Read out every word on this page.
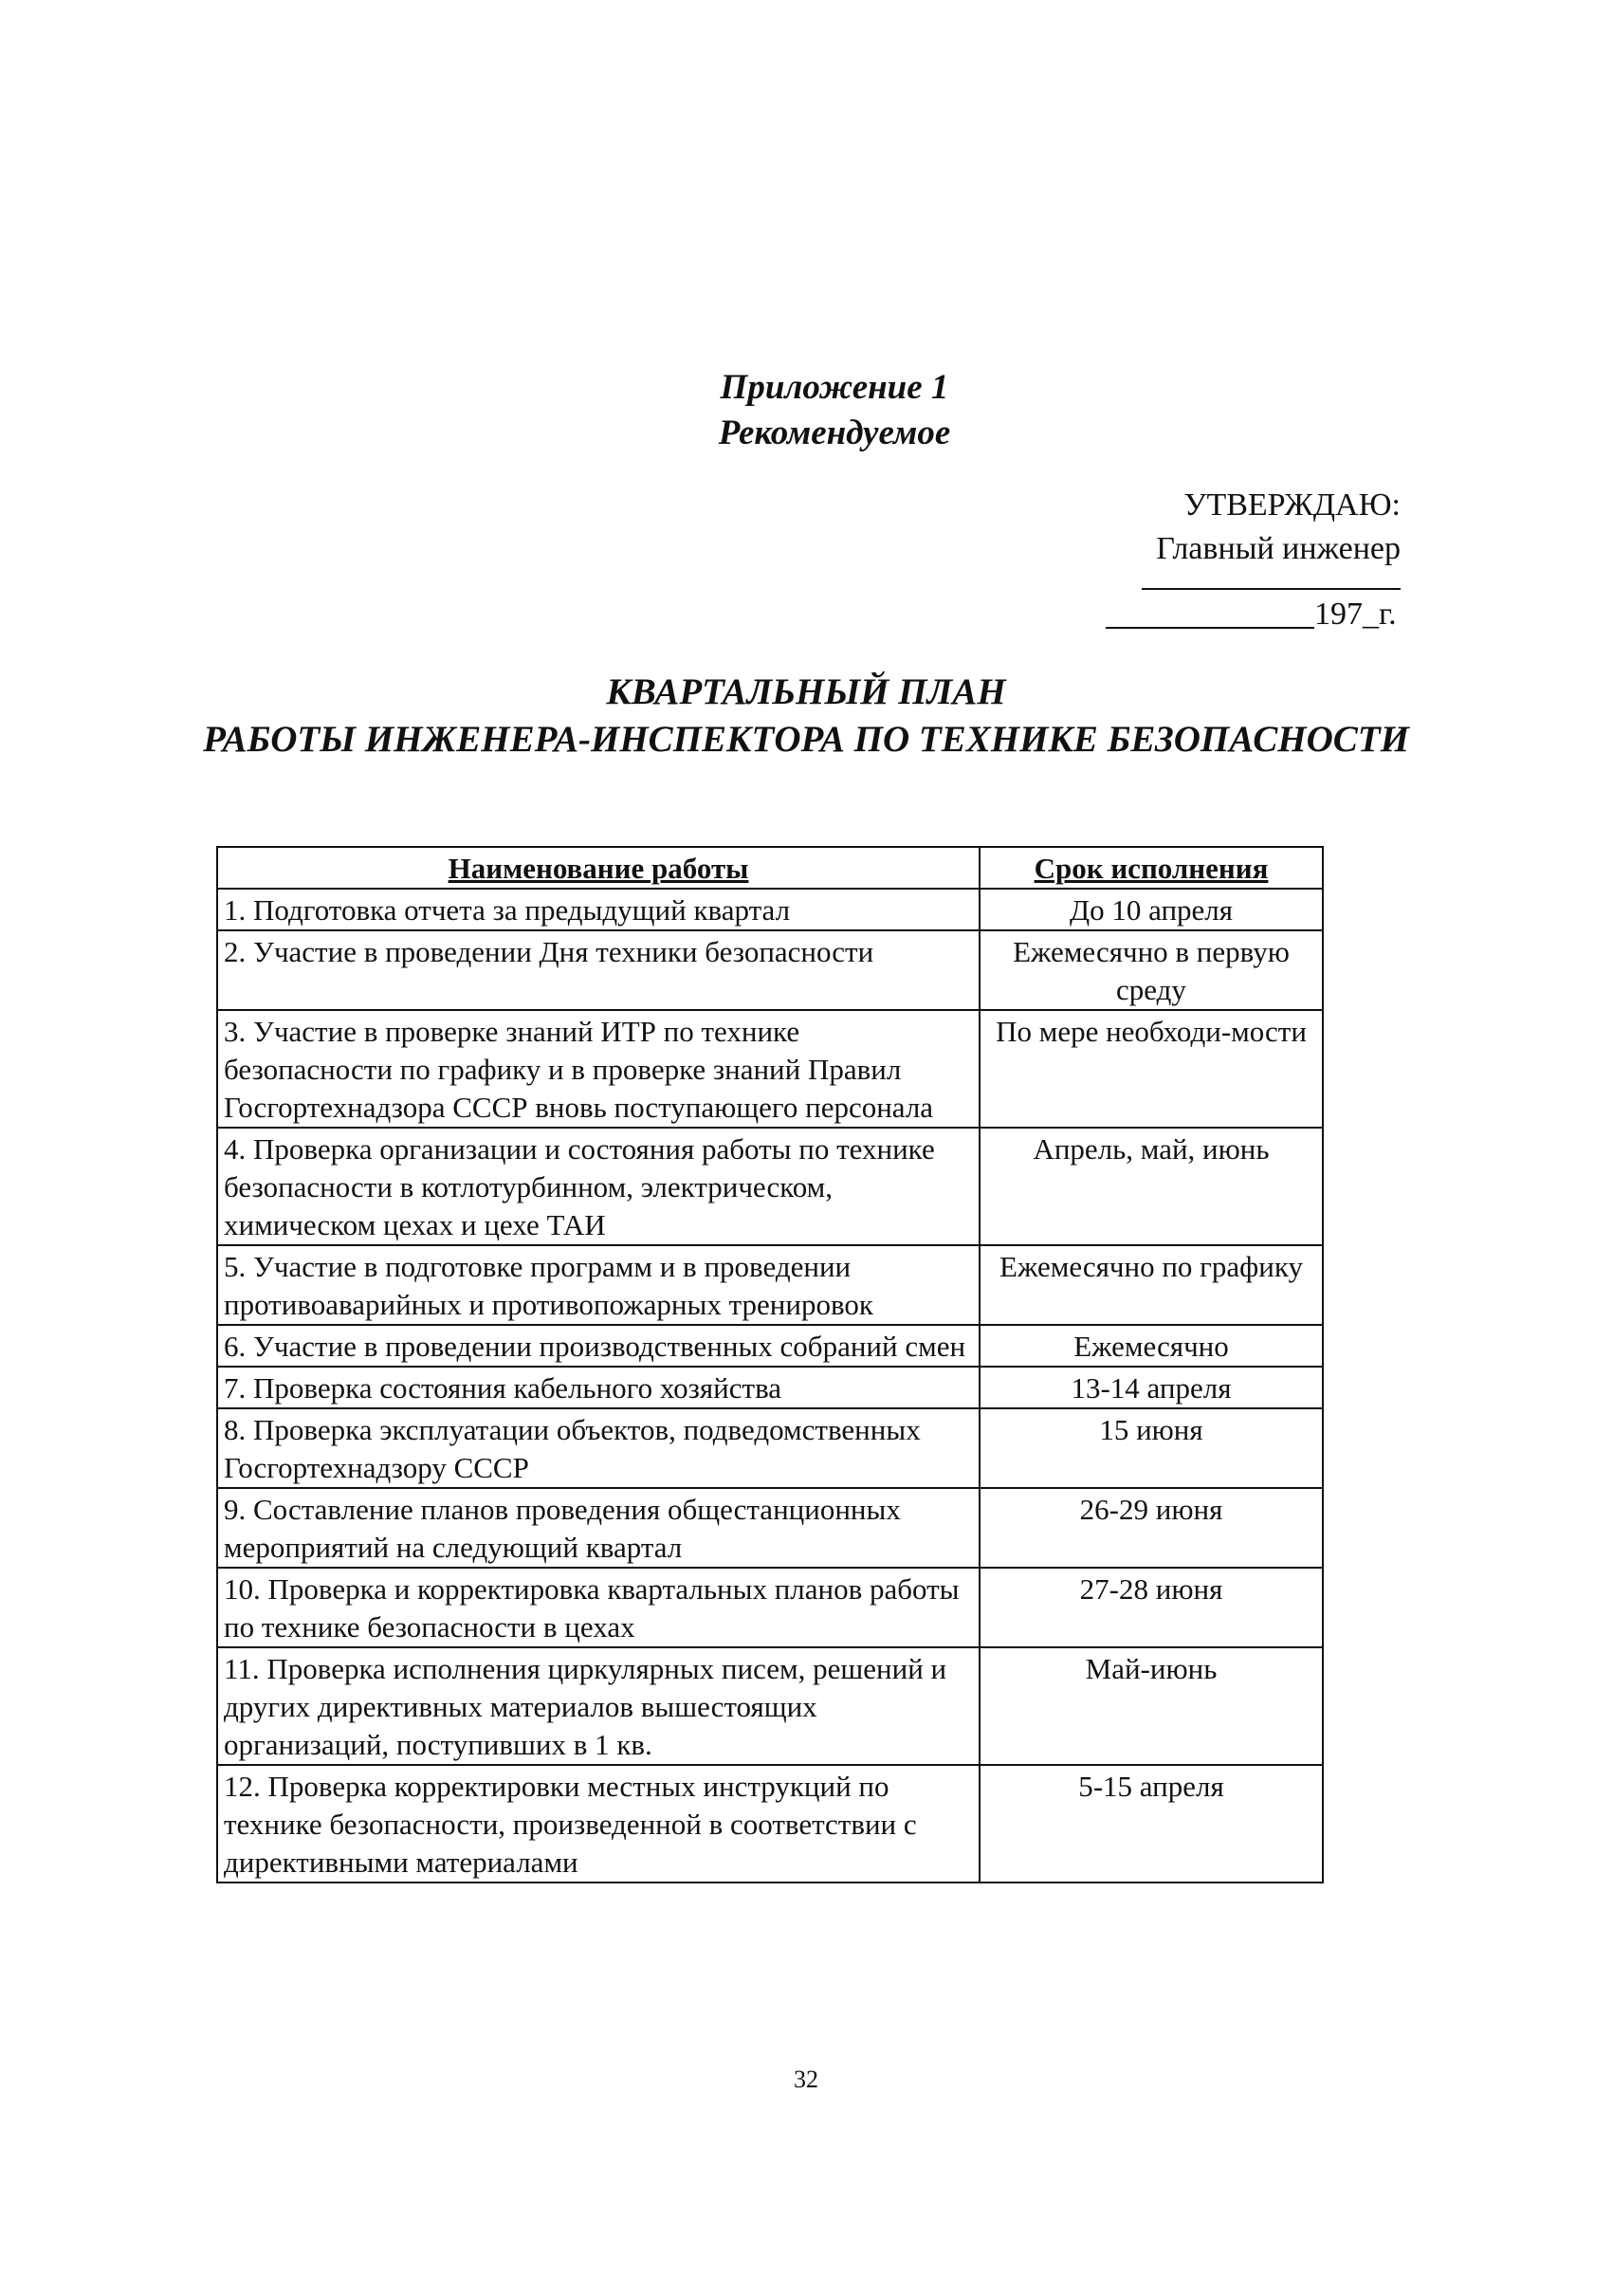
Приложение 1
Рекомендуемое
УТВЕРЖДАЮ:
Главный инженер
197_г.
КВАРТАЛЬНЫЙ ПЛАН
РАБОТЫ ИНЖЕНЕРА-ИНСПЕКТОРА ПО ТЕХНИКЕ БЕЗОПАСНОСТИ
Наименование работы	Срок исполнения
1. Подготовка отчета за предыдущий квартал	До 10 апреля
2. Участие в проведении Дня техники безопасности	Ежемесячно в первую среду
3. Участие в проверке знаний ИТР по технике безопасности по графику и в проверке знаний Правил Госгортехнадзора СССР вновь поступающего персонала	По мере необходи-мости
4. Проверка организации и состояния работы по технике безопасности в котлотурбинном, электрическом, химическом цехах и цехе ТАИ	Апрель, май, июнь
5. Участие в подготовке программ и в проведении противоаварийных и противопожарных тренировок	Ежемесячно по графику
6. Участие в проведении производственных собраний смен	Ежемесячно
7. Проверка состояния кабельного хозяйства	13-14 апреля
8. Проверка эксплуатации объектов, подведомственных Госгортехнадзору СССР	15 июня
9. Составление планов проведения общестанционных мероприятий на следующий квартал	26-29 июня
10. Проверка и корректировка квартальных планов работы по технике безопасности в цехах	27-28 июня
11. Проверка исполнения циркулярных писем, решений и других директивных материалов вышестоящих организаций, поступивших в 1 кв.	Май-июнь
12. Проверка корректировки местных инструкций по технике безопасности, произведенной в соответствии с директивными материалами	5-15 апреля
32
